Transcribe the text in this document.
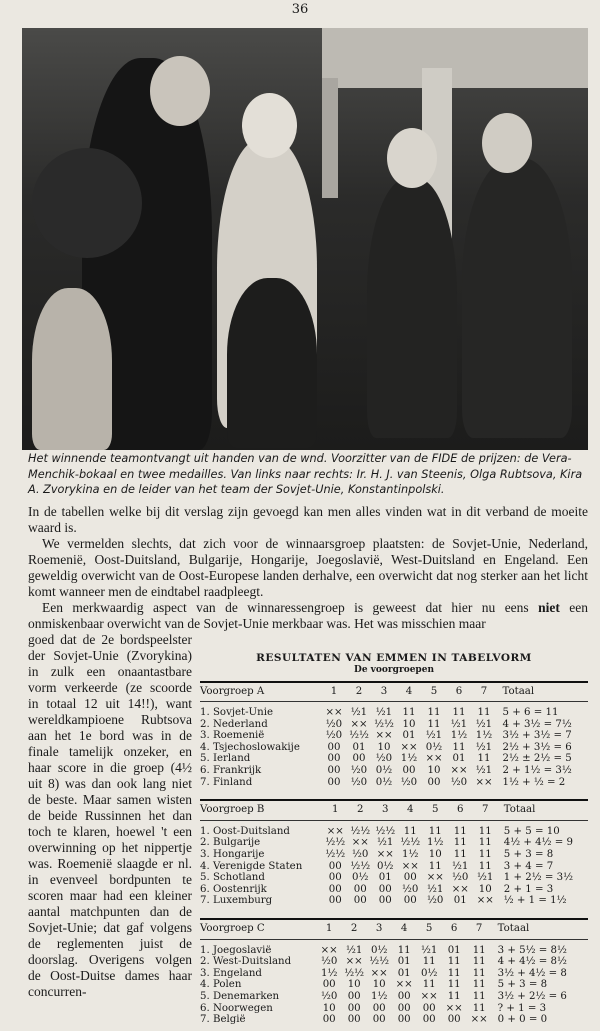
36
Het winnende teamontvangt uit handen van de wnd. Voorzitter van de FIDE de prijzen: de Vera-Menchik-bokaal en twee medailles. Van links naar rechts: Ir. H. J. van Steenis, Olga Rubtsova, Kira A. Zvorykina en de leider van het team der Sovjet-Unie, Konstantinpolski.

In de tabellen welke bij dit verslag zijn gevoegd kan men alles vinden wat in dit verband de moeite waard is.

We vermelden slechts, dat zich voor de winnaarsgroep plaatsten: de Sovjet-Unie, Nederland, Roemenië, Oost-Duitsland, Bulgarije, Hongarije, Joegoslavië, West-Duitsland en Engeland. Een geweldig overwicht van de Oost-Europese landen derhalve, een overwicht dat nog sterker aan het licht komt wanneer men de eindtabel raadpleegt.

Een merkwaardig aspect van de winnaressengroep is geweest dat hier nu eens niet een onmiskenbaar overwicht van de Sovjet-Unie merkbaar was. Het was misschien maar

goed dat de 2e bordspeelster der Sovjet-Unie (Zvorykina) in zulk een onaantastbare vorm verkeerde (ze scoorde in totaal 12 uit 14!!), want wereldkampioene Rubtsova aan het 1e bord was in de finale tamelijk onzeker, en haar score in die groep (4½ uit 8) was dan ook lang niet de beste. Maar samen wisten de beide Russinnen het dan toch te klaren, hoewel 't een overwinning op het nippertje was. Roemenië slaagde er nl. in evenveel bordpunten te scoren maar had een kleiner aantal matchpunten dan de Sovjet-Unie; dat gaf volgens de reglementen juist de doorslag. Overigens volgen de Oost-Duitse dames haar concurren-
RESULTATEN VAN EMMEN IN TABELVORM
De voorgroepen
Voorgroep A	1	2	3	4	5	6	7	Totaal
1. Sovjet-Unie	××	½1	½1	11	11	11	11	5 + 6 = 11
2. Nederland	½0	××	½½	10	11	½1	½1	4 + 3½ = 7½
3. Roemenië	½0	½½	××	01	½1	1½	1½	3½ + 3½ = 7
4. Tsjechoslowakije	00	01	10	××	0½	11	½1	2½ + 3½ = 6
5. Ierland	00	00	½0	1½	××	01	11	2½ ± 2½ = 5
6. Frankrijk	00	½0	0½	00	10	××	½1	2 + 1½ = 3½
7. Finland	00	½0	0½	½0	00	½0	××	1½ + ½ = 2
Voorgroep B	1	2	3	4	5	6	7	Totaal
1. Oost-Duitsland	××	½½	½½	11	11	11	11	5 + 5 = 10
2. Bulgarije	½½	××	½1	½½	1½	11	11	4½ + 4½ = 9
3. Hongarije	½½	½0	××	1½	10	11	11	5 + 3 = 8
4. Verenigde Staten	00	½½	0½	××	11	½1	11	3 + 4 = 7
5. Schotland	00	0½	01	00	××	½0	½1	1 + 2½ = 3½
6. Oostenrijk	00	00	00	½0	½1	××	10	2 + 1 = 3
7. Luxemburg	00	00	00	00	½0	01	××	½ + 1 = 1½
Voorgroep C	1	2	3	4	5	6	7	Totaal
1. Joegoslavië	××	½1	0½	11	½1	01	11	3 + 5½ = 8½
2. West-Duitsland	½0	××	½½	01	11	11	11	4 + 4½ = 8½
3. Engeland	1½	½½	××	01	0½	11	11	3½ + 4½ = 8
4. Polen	00	10	10	××	11	11	11	5 + 3 = 8
5. Denemarken	½0	00	1½	00	××	11	11	3½ + 2½ = 6
6. Noorwegen	10	00	00	00	00	××	11	? + 1 = 3
7. België	00	00	00	00	00	00	××	0 + 0 = 0
